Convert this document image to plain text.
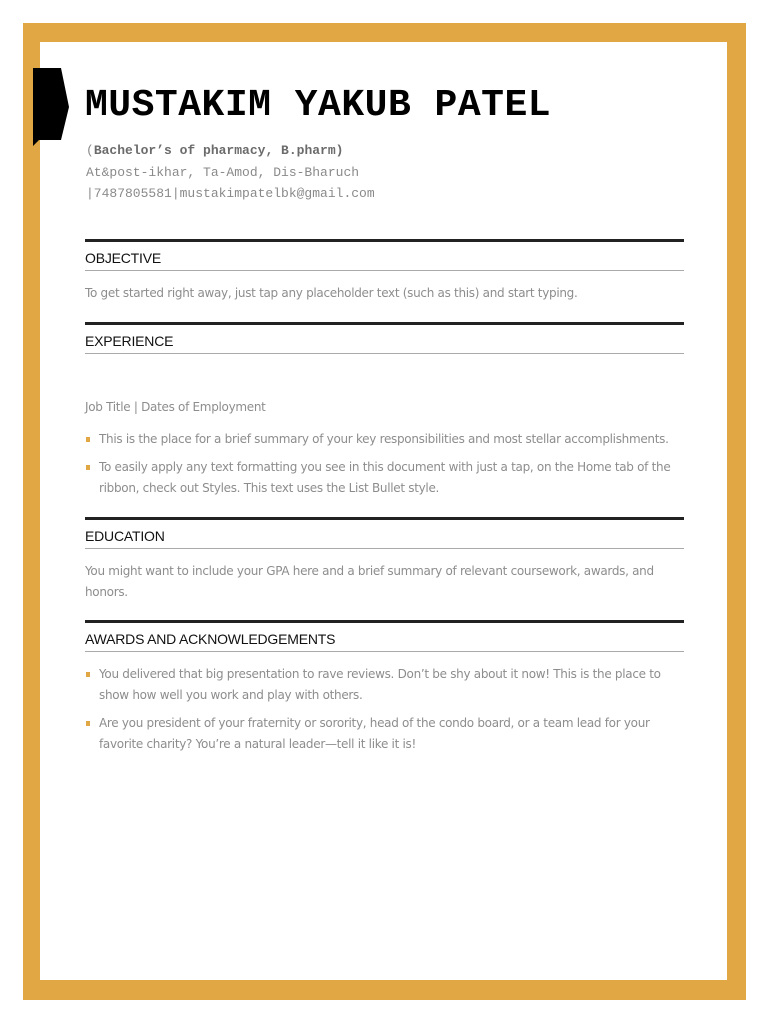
MUSTAKIM YAKUB PATEL
(Bachelor’s of pharmacy, B.pharm)
At&post-ikhar, Ta-Amod, Dis-Bharuch
|7487805581|mustakimpatelbk@gmail.com
OBJECTIVE
To get started right away, just tap any placeholder text (such as this) and start typing.
EXPERIENCE
Job Title | Dates of Employment
This is the place for a brief summary of your key responsibilities and most stellar accomplishments.
To easily apply any text formatting you see in this document with just a tap, on the Home tab of the ribbon, check out Styles. This text uses the List Bullet style.
EDUCATION
You might want to include your GPA here and a brief summary of relevant coursework, awards, and honors.
AWARDS AND ACKNOWLEDGEMENTS
You delivered that big presentation to rave reviews. Don’t be shy about it now! This is the place to show how well you work and play with others.
Are you president of your fraternity or sorority, head of the condo board, or a team lead for your favorite charity? You’re a natural leader—tell it like it is!
